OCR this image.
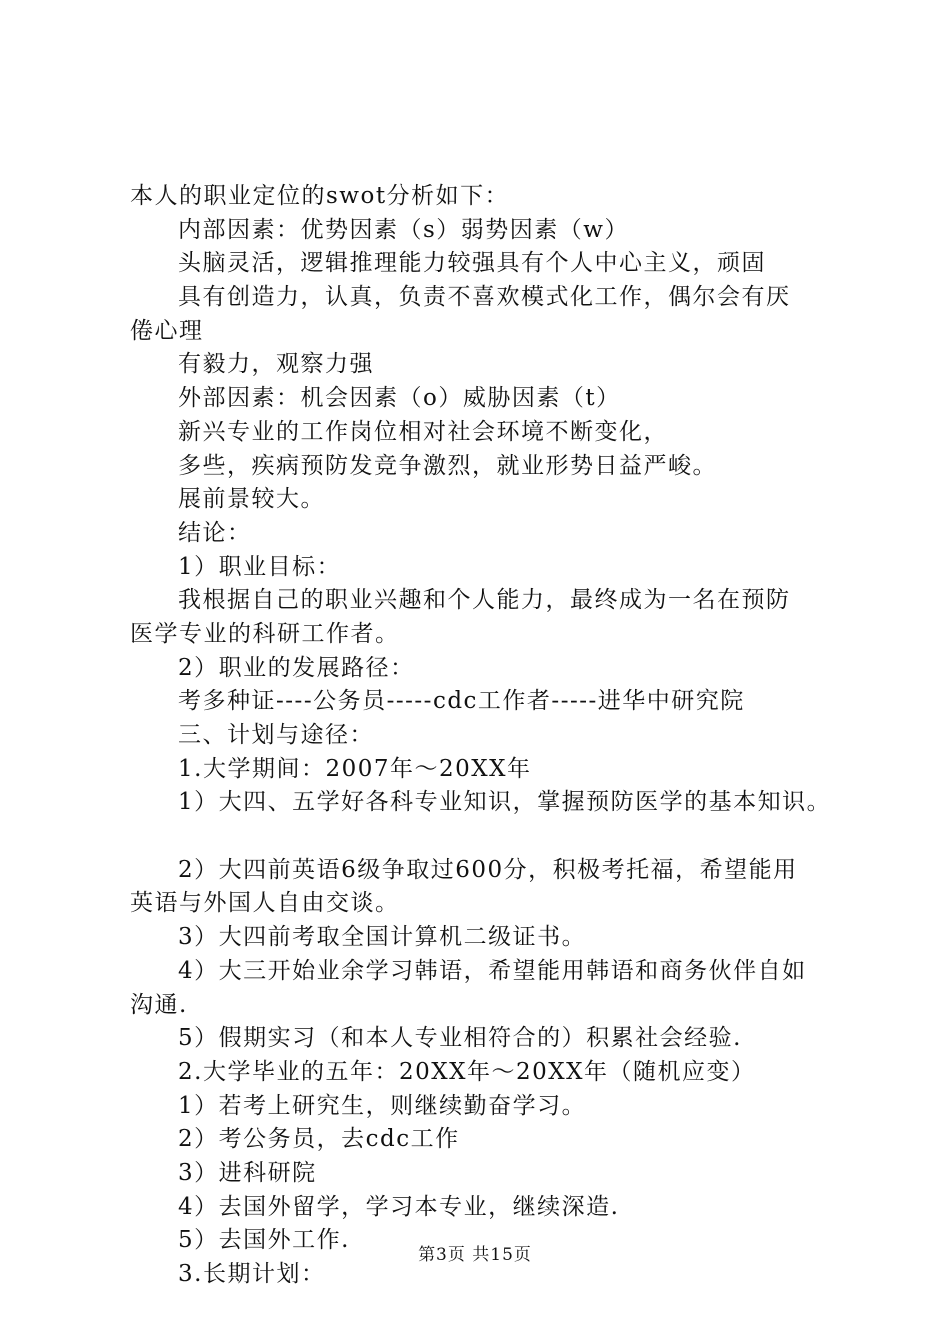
本人的职业定位的swot分析如下：
内部因素：优势因素（s）弱势因素（w）
头脑灵活，逻辑推理能力较强具有个人中心主义，顽固
具有创造力，认真，负责不喜欢模式化工作，偶尔会有厌
倦心理
有毅力，观察力强
外部因素：机会因素（o）威胁因素（t）
新兴专业的工作岗位相对社会环境不断变化，
多些，疾病预防发竞争激烈，就业形势日益严峻。
展前景较大。
结论：
1）职业目标：
我根据自己的职业兴趣和个人能力，最终成为一名在预防
医学专业的科研工作者。
2）职业的发展路径：
考多种证----公务员-----cdc工作者-----进华中研究院
三、计划与途径：
1.大学期间：2007年～20XX年
1）大四、五学好各科专业知识，掌握预防医学的基本知识。
2）大四前英语6级争取过600分，积极考托福，希望能用
英语与外国人自由交谈。
3）大四前考取全国计算机二级证书。
4）大三开始业余学习韩语，希望能用韩语和商务伙伴自如
沟通.
5）假期实习（和本人专业相符合的）积累社会经验.
2.大学毕业的五年：20XX年～20XX年（随机应变）
1）若考上研究生，则继续勤奋学习。
2）考公务员，去cdc工作
3）进科研院
4）去国外留学，学习本专业，继续深造.
5）去国外工作.
3.长期计划：
第3页 共15页
